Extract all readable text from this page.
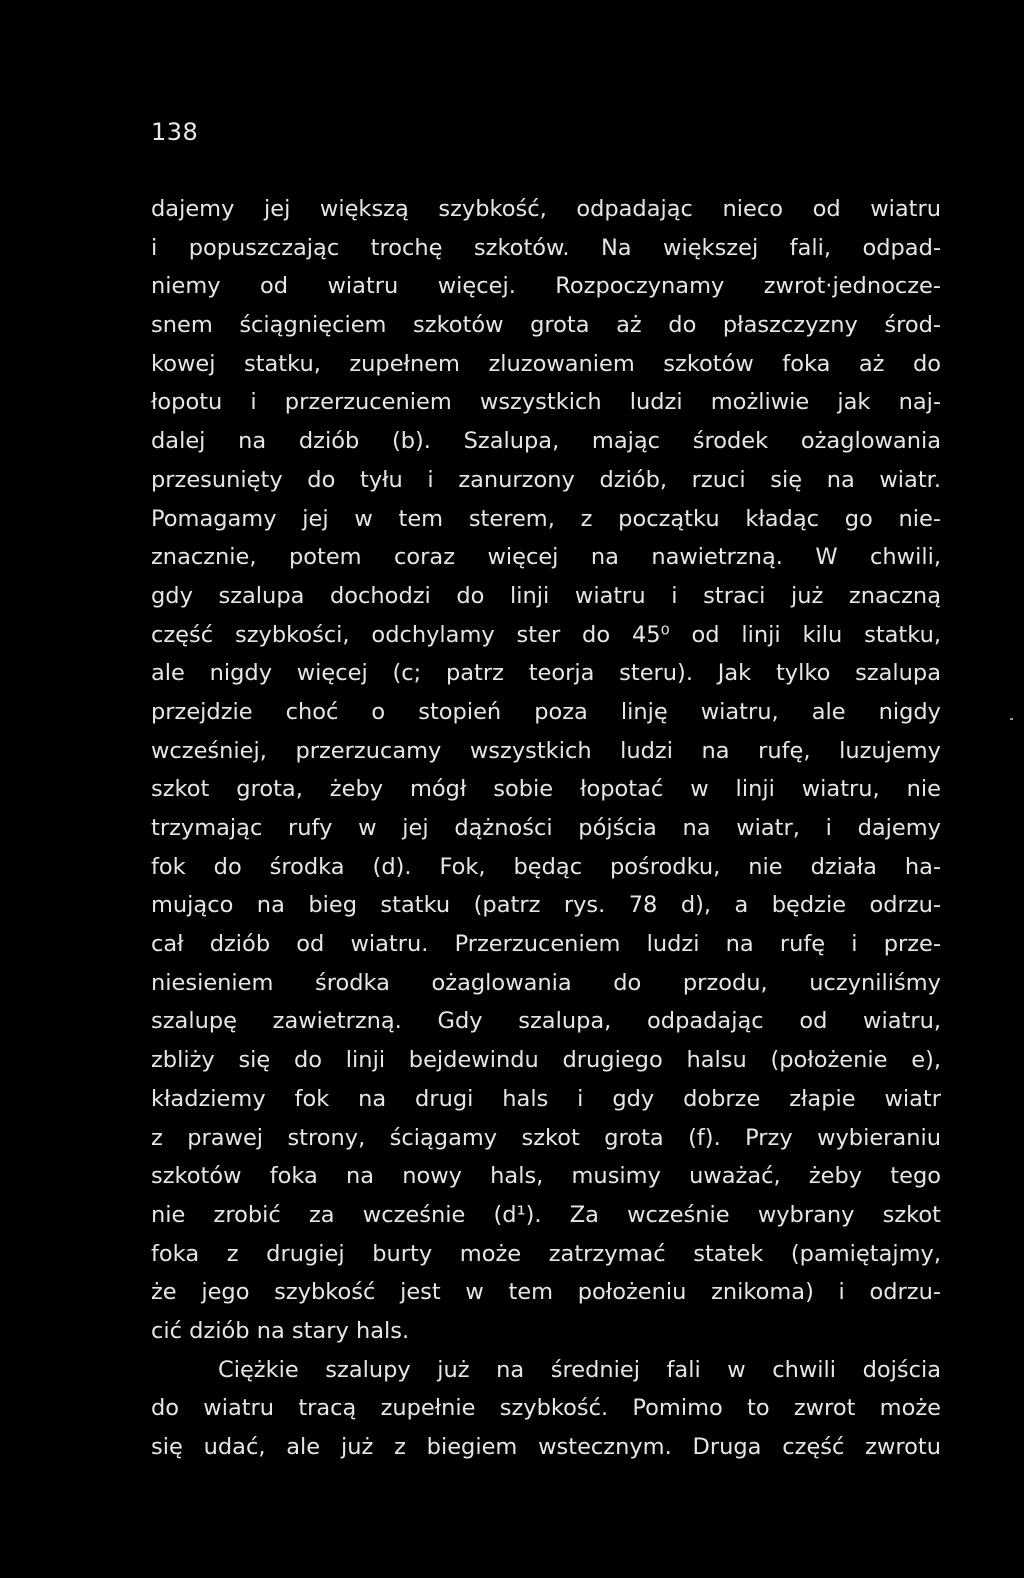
138
dajemy jej większą szybkość, odpadając nieco od wiatru
i popuszczając trochę szkotów. Na większej fali, odpad-
niemy od wiatru więcej. Rozpoczynamy zwrot·jednocze-
snem ściągnięciem szkotów grota aż do płaszczyzny środ-
kowej statku, zupełnem zluzowaniem szkotów foka aż do
łopotu i przerzuceniem wszystkich ludzi możliwie jak naj-
dalej na dziób (b). Szalupa, mając środek ożaglowania
przesunięty do tyłu i zanurzony dziób, rzuci się na wiatr.
Pomagamy jej w tem sterem, z początku kładąc go nie-
znacznie, potem coraz więcej na nawietrzną. W chwili,
gdy szalupa dochodzi do linji wiatru i straci już znaczną
część szybkości, odchylamy ster do 45⁰ od linji kilu statku,
ale nigdy więcej (c; patrz teorja steru). Jak tylko szalupa
przejdzie choć o stopień poza linję wiatru, ale nigdy
wcześniej, przerzucamy wszystkich ludzi na rufę, luzujemy
szkot grota, żeby mógł sobie łopotać w linji wiatru, nie
trzymając rufy w jej dążności pójścia na wiatr, i dajemy
fok do środka (d). Fok, będąc pośrodku, nie działa ha-
mująco na bieg statku (patrz rys. 78 d), a będzie odrzu-
cał dziób od wiatru. Przerzuceniem ludzi na rufę i prze-
niesieniem środka ożaglowania do przodu, uczyniliśmy
szalupę zawietrzną. Gdy szalupa, odpadając od wiatru,
zbliży się do linji bejdewindu drugiego halsu (położenie e),
kładziemy fok na drugi hals i gdy dobrze złapie wiatr
z prawej strony, ściągamy szkot grota (f). Przy wybieraniu
szkotów foka na nowy hals, musimy uważać, żeby tego
nie zrobić za wcześnie (d¹). Za wcześnie wybrany szkot
foka z drugiej burty może zatrzymać statek (pamiętajmy,
że jego szybkość jest w tem położeniu znikoma) i odrzu-
cić dziób na stary hals.
Ciężkie szalupy już na średniej fali w chwili dojścia
do wiatru tracą zupełnie szybkość. Pomimo to zwrot może
się udać, ale już z biegiem wstecznym. Druga część zwrotu
